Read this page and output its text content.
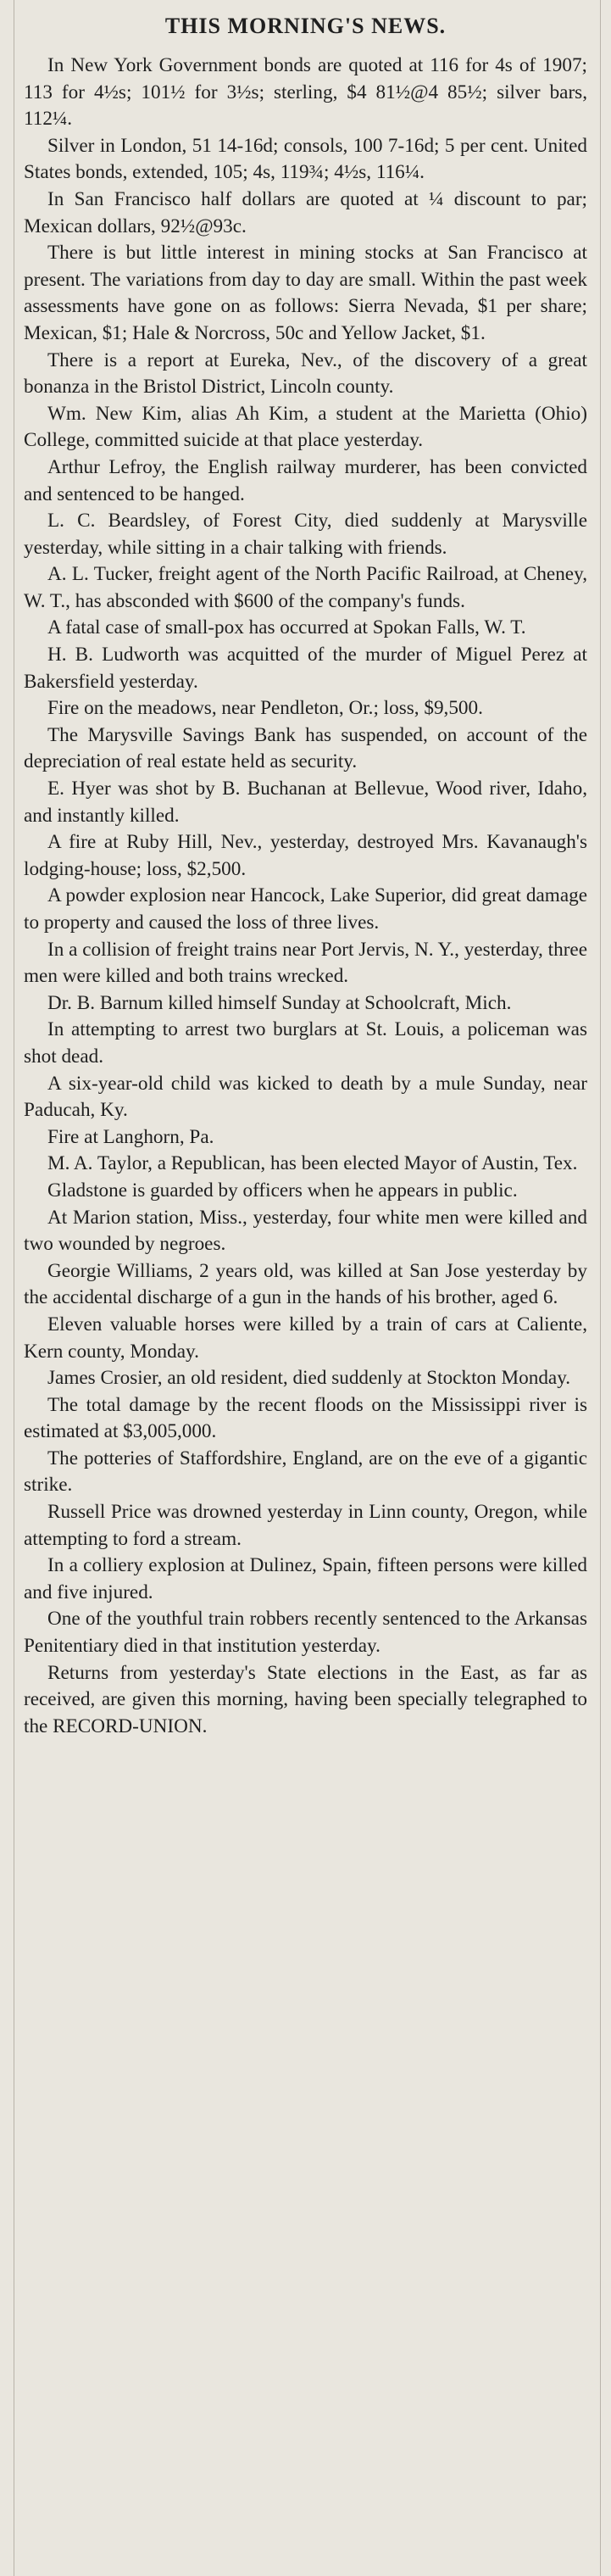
THIS MORNING'S NEWS.

In New York Government bonds are quoted at 116 for 4s of 1907; 113 for 4½s; 101½ for 3½s; sterling, $4 81½@4 85½; silver bars, 112¼.

Silver in London, 51 14-16d; consols, 100 7-16d; 5 per cent. United States bonds, extended, 105; 4s, 119¾; 4½s, 116¼.

In San Francisco half dollars are quoted at ¼ discount to par; Mexican dollars, 92½@93c.

There is but little interest in mining stocks at San Francisco at present. The variations from day to day are small. Within the past week assessments have gone on as follows: Sierra Nevada, $1 per share; Mexican, $1; Hale & Norcross, 50c and Yellow Jacket, $1.

There is a report at Eureka, Nev., of the discovery of a great bonanza in the Bristol District, Lincoln county.

Wm. New Kim, alias Ah Kim, a student at the Marietta (Ohio) College, committed suicide at that place yesterday.

Arthur Lefroy, the English railway murderer, has been convicted and sentenced to be hanged.

L. C. Beardsley, of Forest City, died suddenly at Marysville yesterday, while sitting in a chair talking with friends.

A. L. Tucker, freight agent of the North Pacific Railroad, at Cheney, W. T., has absconded with $600 of the company's funds.

A fatal case of small-pox has occurred at Spokan Falls, W. T.

H. B. Ludworth was acquitted of the murder of Miguel Perez at Bakersfield yesterday.

Fire on the meadows, near Pendleton, Or.; loss, $9,500.

The Marysville Savings Bank has suspended, on account of the depreciation of real estate held as security.

E. Hyer was shot by B. Buchanan at Bellevue, Wood river, Idaho, and instantly killed.

A fire at Ruby Hill, Nev., yesterday, destroyed Mrs. Kavanaugh's lodging-house; loss, $2,500.

A powder explosion near Hancock, Lake Superior, did great damage to property and caused the loss of three lives.

In a collision of freight trains near Port Jervis, N. Y., yesterday, three men were killed and both trains wrecked.

Dr. B. Barnum killed himself Sunday at Schoolcraft, Mich.

In attempting to arrest two burglars at St. Louis, a policeman was shot dead.

A six-year-old child was kicked to death by a mule Sunday, near Paducah, Ky.

Fire at Langhorn, Pa.

M. A. Taylor, a Republican, has been elected Mayor of Austin, Tex.

Gladstone is guarded by officers when he appears in public.

At Marion station, Miss., yesterday, four white men were killed and two wounded by negroes.

Georgie Williams, 2 years old, was killed at San Jose yesterday by the accidental discharge of a gun in the hands of his brother, aged 6.

Eleven valuable horses were killed by a train of cars at Caliente, Kern county, Monday.

James Crosier, an old resident, died suddenly at Stockton Monday.

The total damage by the recent floods on the Mississippi river is estimated at $3,005,000.

The potteries of Staffordshire, England, are on the eve of a gigantic strike.

Russell Price was drowned yesterday in Linn county, Oregon, while attempting to ford a stream.

In a colliery explosion at Dulinez, Spain, fifteen persons were killed and five injured.

One of the youthful train robbers recently sentenced to the Arkansas Penitentiary died in that institution yesterday.

Returns from yesterday's State elections in the East, as far as received, are given this morning, having been specially telegraphed to the RECORD-UNION.
